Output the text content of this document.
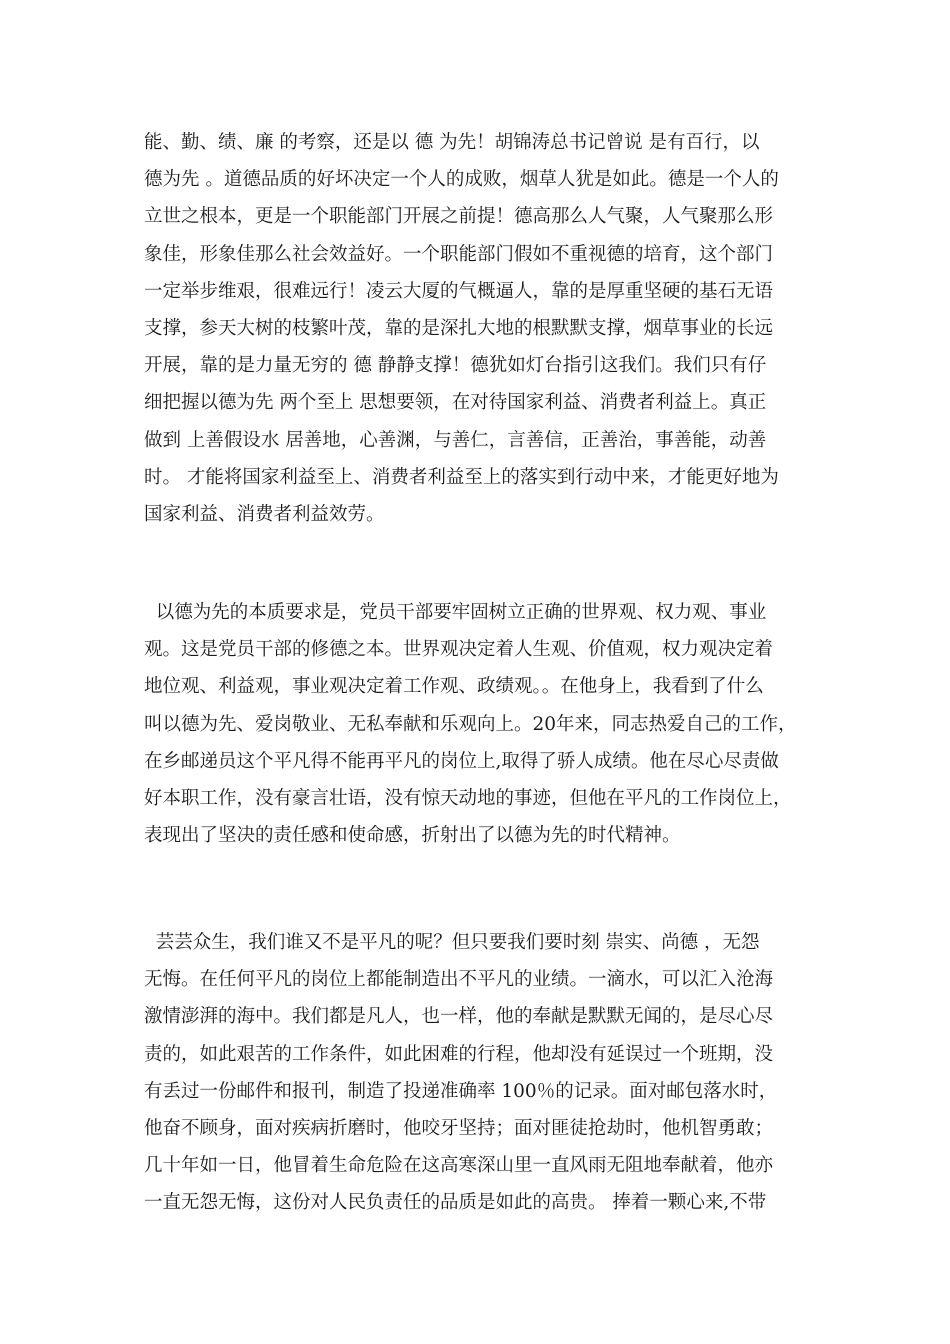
能、勤、绩、廉 的考察，还是以 德 为先！胡锦涛总书记曾说 是有百行，以
德为先 。道德品质的好坏决定一个人的成败，烟草人犹是如此。德是一个人的
立世之根本，更是一个职能部门开展之前提！德高那么人气聚，人气聚那么形
象佳，形象佳那么社会效益好。一个职能部门假如不重视德的培育，这个部门
一定举步维艰，很难远行！凌云大厦的气概逼人，靠的是厚重坚硬的基石无语
支撑，参天大树的枝繁叶茂，靠的是深扎大地的根默默支撑，烟草事业的长远
开展，靠的是力量无穷的 德 静静支撑！德犹如灯台指引这我们。我们只有仔
细把握以德为先 两个至上 思想要领，在对待国家利益、消费者利益上。真正
做到 上善假设水 居善地，心善渊，与善仁，言善信，正善治，事善能，动善
时。 才能将国家利益至上、消费者利益至上的落实到行动中来，才能更好地为
国家利益、消费者利益效劳。
以德为先的本质要求是，党员干部要牢固树立正确的世界观、权力观、事业
观。这是党员干部的修德之本。世界观决定着人生观、价值观，权力观决定着
地位观、利益观，事业观决定着工作观、政绩观。。在他身上，我看到了什么
叫以德为先、爱岗敬业、无私奉献和乐观向上。20年来，同志热爱自己的工作，
在乡邮递员这个平凡得不能再平凡的岗位上,取得了骄人成绩。他在尽心尽责做
好本职工作，没有豪言壮语，没有惊天动地的事迹，但他在平凡的工作岗位上，
表现出了坚决的责任感和使命感，折射出了以德为先的时代精神。
芸芸众生，我们谁又不是平凡的呢？但只要我们要时刻 崇实、尚德 ，无怨
无悔。在任何平凡的岗位上都能制造出不平凡的业绩。一滴水，可以汇入沧海
激情澎湃的海中。我们都是凡人，也一样，他的奉献是默默无闻的，是尽心尽
责的，如此艰苦的工作条件，如此困难的行程，他却没有延误过一个班期，没
有丢过一份邮件和报刊，制造了投递准确率 100％的记录。面对邮包落水时，
他奋不顾身，面对疾病折磨时，他咬牙坚持；面对匪徒抢劫时，他机智勇敢；
几十年如一日，他冒着生命危险在这高寒深山里一直风雨无阻地奉献着，他亦
一直无怨无悔，这份对人民负责任的品质是如此的高贵。 捧着一颗心来,不带
